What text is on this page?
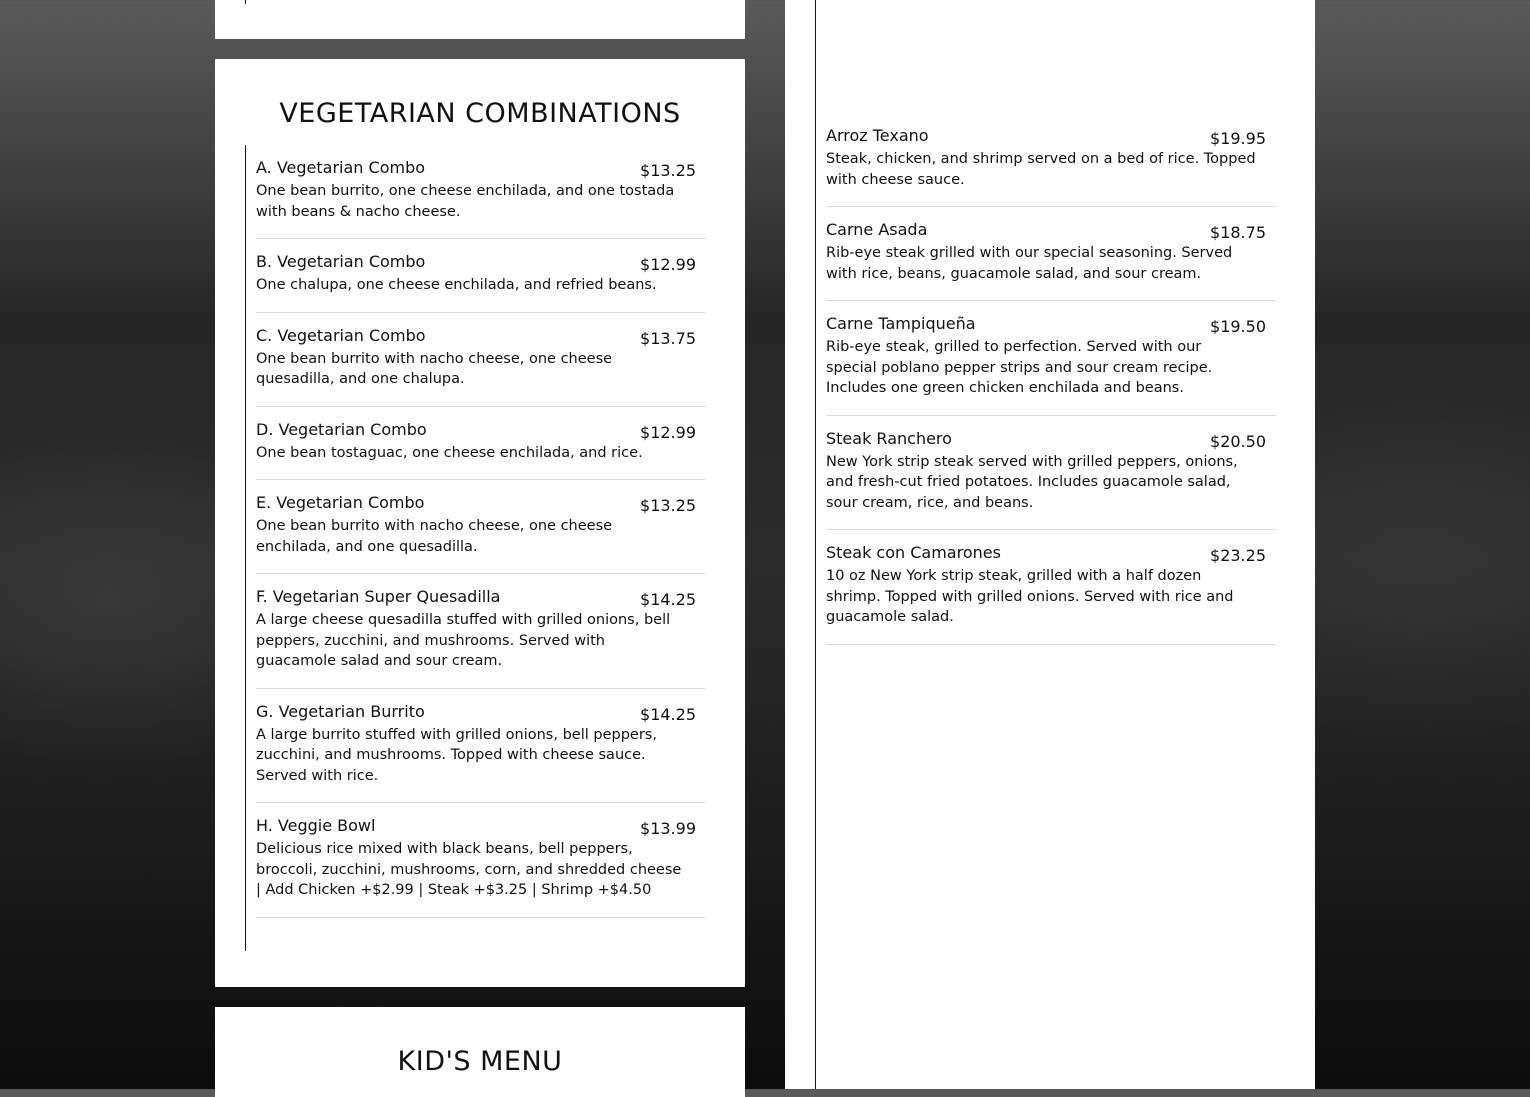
VEGETARIAN COMBINATIONS
A. Vegetarian Combo	$13.25
One bean burrito, one cheese enchilada, and one tostada with beans & nacho cheese.
B. Vegetarian Combo	$12.99
One chalupa, one cheese enchilada, and refried beans.
C. Vegetarian Combo	$13.75
One bean burrito with nacho cheese, one cheese quesadilla, and one chalupa.
D. Vegetarian Combo	$12.99
One bean tostaguac, one cheese enchilada, and rice.
E. Vegetarian Combo	$13.25
One bean burrito with nacho cheese, one cheese enchilada, and one quesadilla.
F. Vegetarian Super Quesadilla	$14.25
A large cheese quesadilla stuffed with grilled onions, bell peppers, zucchini, and mushrooms. Served with guacamole salad and sour cream.
G. Vegetarian Burrito	$14.25
A large burrito stuffed with grilled onions, bell peppers, zucchini, and mushrooms. Topped with cheese sauce. Served with rice.
H. Veggie Bowl	$13.99
Delicious rice mixed with black beans, bell peppers, broccoli, zucchini, mushrooms, corn, and shredded cheese | Add Chicken +$2.99 | Steak +$3.25 | Shrimp +$4.50
KID'S MENU
Arroz Texano	$19.95
Steak, chicken, and shrimp served on a bed of rice. Topped with cheese sauce.
Carne Asada	$18.75
Rib-eye steak grilled with our special seasoning. Served with rice, beans, guacamole salad, and sour cream.
Carne Tampiqueña	$19.50
Rib-eye steak, grilled to perfection. Served with our special poblano pepper strips and sour cream recipe. Includes one green chicken enchilada and beans.
Steak Ranchero	$20.50
New York strip steak served with grilled peppers, onions, and fresh-cut fried potatoes. Includes guacamole salad, sour cream, rice, and beans.
Steak con Camarones	$23.25
10 oz New York strip steak, grilled with a half dozen shrimp. Topped with grilled onions. Served with rice and guacamole salad.
